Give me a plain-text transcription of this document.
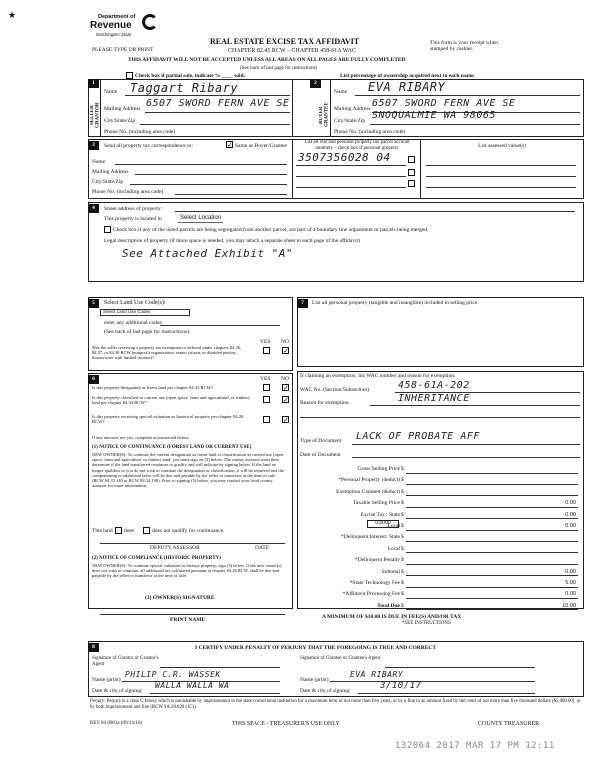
★	Department of
Revenue
Washington State
PLEASE TYPE OR PRINT
REAL ESTATE EXCISE TAX AFFIDAVIT
CHAPTER 82.45 RCW – CHAPTER 458-61A WAC
THIS AFFIDAVIT WILL NOT BE ACCEPTED UNLESS ALL AREAS ON ALL PAGES ARE FULLY COMPLETED
This form is your receipt when stamped by cashier.
(See back of last page for instructions)
Check box if partial sale, indicate % ____ sold.	List percentage of ownership acquired next to each name.
1	2
SELLER GRANTOR	BUYER GRANTEE
Name Taggart Ribary
Mailing Address 6507 SWORD FERN AVE SE
City/State/Zip
Phone No. (including area code)
Name EVA RIBARY
Mailing Address 6507 SWORD FERN AVE SE
City/State/Zip SNOQUALMIE WA 98065
Phone No. (including area code)
3	Send all property tax correspondence to:	✓ Same as Buyer/Grantee
List all real and personal property tax parcel account numbers – check box if personal property	List assessed value(s)
3507356028 04
Name
Mailing Address
City/State/Zip
Phone No. (including area code)
4	Street address of property:
This property is located in	Select Location
Check box if any of the listed parcels are being segregated from another parcel, are part of a boundary line adjustment or parcels being merged.
Legal description of property (if more space is needed, you may attach a separate sheet to each page of the affidavit)
See Attached Exhibit "A"
5	Select Land Use Code(s):
Select Land Use Codes
enter any additional codes:
(See back of last page for instructions)
YES NO
Was the seller receiving a property tax exemption or deferral under chapters 84.36, 84.37, or 84.38 RCW (nonprofit organization, senior citizen, or disabled person, homeowner with limited income)?
✓
6	YES NO
Is this property designated as forest land per chapter 84.33 RCW?	✓
Is this property classified as current use (open space, farm and agricultural, or timber) land per chapter 84.34 RCW?	✓
Is this property receiving special valuation as historical property per chapter 84.26 RCW?	✓
If any answers are yes, complete as instructed below.
(1) NOTICE OF CONTINUANCE (FOREST LAND OR CURRENT USE)
NEW OWNER(S): To continue the current designation as forest land or classification as current use (open space, farm and agriculture, or timber) land, you must sign on (3) below. The county assessor must then determine if the land transferred continues to qualify and will indicate by signing below. If the land no longer qualifies or you do not wish to continue the designation or classification, it will be removed and the compensating or additional taxes will be due and payable by the seller or transferor at the time of sale. (RCW 84.33.140 or RCW 84.34.108). Prior to signing (3) below, you may contact your local county assessor for more information.
This land does	does not qualify for continuance.
DEPUTY ASSESSOR	DATE
(2) NOTICE OF COMPLIANCE (HISTORIC PROPERTY)
NEW OWNER(S): To continue special valuation as historic property, sign (3) below. If the new owner(s) does not wish to continue, all additional tax calculated pursuant to chapter 84.26 RCW, shall be due and payable by the seller or transferor at the time of sale.
(3) OWNER(S) SIGNATURE
PRINT NAME
7	List all personal property (tangible and intangible) included in selling price.
If claiming an exemption, list WAC number and reason for exemption:
WAC No. (Section/Subsection)	458-61A-202
Reason for exemption	INHERITANCE
Type of Document LACK OF PROBATE AFF
Date of Document
Gross Selling Price $
*Personal Property (deduct) $
Exemption Claimed (deduct) $
Taxable Selling Price $	0.00
Excise Tax : State $	0.00
Local $	0.00
*Delinquent Interest: State $
Local $
*Delinquent Penalty $
Subtotal $	0.00
*State Technology Fee $	5.00
*Affidavit Processing Fee $	0.00
Total Due $	10.00
0.0000
A MINIMUM OF $10.00 IS DUE IN FEE(S) AND/OR TAX
*SEE INSTRUCTIONS
8	I CERTIFY UNDER PENALTY OF PERJURY THAT THE FOREGOING IS TRUE AND CORRECT
Signature of Grantor or Grantor's Agent
Signature of Grantee or Grantee's Agent
Name (print)
PHILIP C.R. WASSEK
Name (print)
EVA RIBARY
Date & city of signing:
WALLA WALLA WA
Date & city of signing:	3/10/17
Perjury: Perjury is a class C felony which is punishable by imprisonment in the state correctional institution for a maximum term of not more than five years, or by a fine in an amount fixed by the court of not more than five thousand dollars ($5,000.00), or by both imprisonment and fine (RCW 9A.20.020 (1C)).
REV 84 0001a (09/14/16)	THIS SPACE - TREASURER'S USE ONLY	COUNTY TREASURER
132064 2017 MAR 17 PM 12:11
